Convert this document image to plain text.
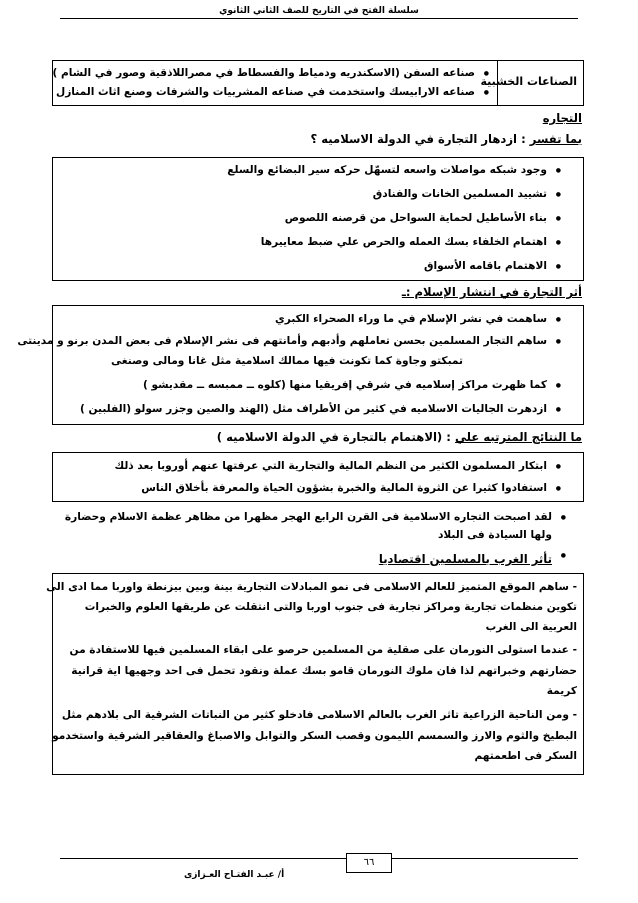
سلسلة الفتح في التاريخ للصف الثاني الثانوي
الصناعات الخشبية
● صناعه السفن (الاسكندريه ودمياط والفسطاط في مصراللاذقية وصور في الشام )
● صناعه الارابيسك واستخدمت في صناعه المشربيات والشرفات وصنع اثاث المنازل
التجاره
بما تفسر : ازدهار التجارة في الدولة الاسلاميه ؟
● وجود شبكه مواصلات واسعه لتسهّل حركه سير البضائع والسلع
● تشييد المسلمين الخانات والفنادق
● بناء الأساطيل لحماية السواحل من قرصنه اللصوص
● اهتمام الخلفاء بسك العمله والحرص علي ضبط معاييرها
● الاهتمام باقامه الأسواق
أثر التجارة في انتشار الإسلام :ـ
● ساهمت في نشر الإسلام في ما وراء الصحراء الكبري
● ساهم التجار المسلمين بحسن تعاملهم وأدبهم وأمانتهم فى نشر الإسلام فى بعض المدن برنو و مدينتى
تمبكتو وجاوة كما تكونت فيها ممالك اسلامية مثل غانا ومالى وصنغى
● كما ظهرت مراكز إسلاميه في شرقي إفريقيا منها (كلوه ــ ممبسه ــ مقديشو )
● ازدهرت الجاليات الاسلاميه في كثير من الأطراف مثل (الهند والصين وجزر سولو (الفلبين )
ما النتائج المترتبه علي : (الاهتمام بالتجارة في الدولة الاسلاميه )
● ابتكار المسلمون الكثير من النظم المالية والتجارية التي عرفتها عنهم أوروبا بعد ذلك
● استفادوا كثيرا عن الثروة المالية والخبرة بشؤون الحياة والمعرفة بأخلاق الناس
● لقد اصبحت التجاره الاسلامية فى القرن الرابع الهجر مظهرا من مظاهر عظمة الاسلام وحضارة
ولها السيادة فى البلاد
●
تأثر الغرب بالمسلمين اقتصاديا
- ساهم الموقع المتميز للعالم الاسلامى فى نمو المبادلات التجارية بينة وبين بيزنطة واوربا مما ادى الى
تكوين منظمات تجارية ومراكز تجارية فى جنوب اوربا والتى انتقلت عن طريقها العلوم والخبرات
العربية الى الغرب
- عندما استولى النورمان على صقلية من المسلمين حرصو على ابقاء المسلمين فيها للاستفادة من
حضارتهم وخبراتهم لذا فان ملوك النورمان قامو بسك عملة ونقود تحمل فى احد وجهيها اية قرانية
كريمة
- ومن الناحية الزراعية تاثر الغرب بالعالم الاسلامى فادخلو كثير من النباتات الشرقية الى بلادهم مثل
البطيخ والثوم والارز والسمسم الليمون وقصب السكر والتوابل والاصباغ والعقاقير الشرقية واستخدمو
السكر فى اطعمتهم
٦٦
أ/ عبـد الفتـاح العـزازى
